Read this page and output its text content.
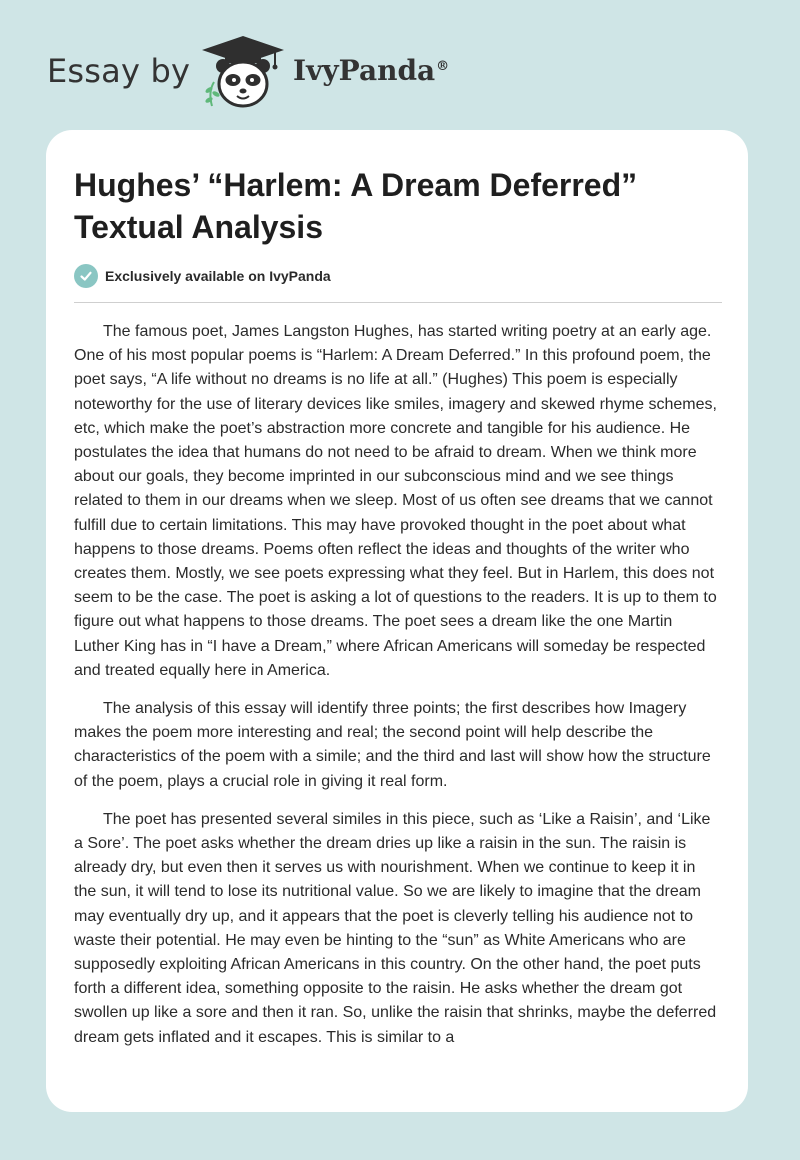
Essay by	IvyPanda®
Hughes’ “Harlem: A Dream Deferred” Textual Analysis
Exclusively available on IvyPanda

The famous poet, James Langston Hughes, has started writing poetry at an early age. One of his most popular poems is “Harlem: A Dream Deferred.” In this profound poem, the poet says, “A life without no dreams is no life at all.” (Hughes) This poem is especially noteworthy for the use of literary devices like smiles, imagery and skewed rhyme schemes, etc, which make the poet’s abstraction more concrete and tangible for his audience. He postulates the idea that humans do not need to be afraid to dream. When we think more about our goals, they become imprinted in our subconscious mind and we see things related to them in our dreams when we sleep. Most of us often see dreams that we cannot fulfill due to certain limitations. This may have provoked thought in the poet about what happens to those dreams. Poems often reflect the ideas and thoughts of the writer who creates them. Mostly, we see poets expressing what they feel. But in Harlem, this does not seem to be the case. The poet is asking a lot of questions to the readers. It is up to them to figure out what happens to those dreams. The poet sees a dream like the one Martin Luther King has in “I have a Dream,” where African Americans will someday be respected and treated equally here in America.

The analysis of this essay will identify three points; the first describes how Imagery makes the poem more interesting and real; the second point will help describe the characteristics of the poem with a simile; and the third and last will show how the structure of the poem, plays a crucial role in giving it real form.

The poet has presented several similes in this piece, such as ‘Like a Raisin’, and ‘Like a Sore’. The poet asks whether the dream dries up like a raisin in the sun. The raisin is already dry, but even then it serves us with nourishment. When we continue to keep it in the sun, it will tend to lose its nutritional value. So we are likely to imagine that the dream may eventually dry up, and it appears that the poet is cleverly telling his audience not to waste their potential. He may even be hinting to the “sun” as White Americans who are supposedly exploiting African Americans in this country. On the other hand, the poet puts forth a different idea, something opposite to the raisin. He asks whether the dream got swollen up like a sore and then it ran. So, unlike the raisin that shrinks, maybe the deferred dream gets inflated and it escapes. This is similar to a
